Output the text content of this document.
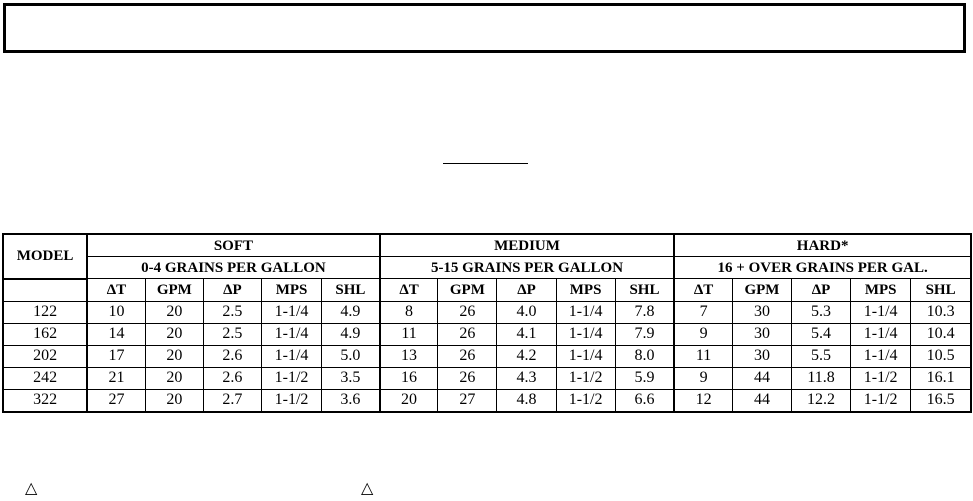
MODEL	SOFT					MEDIUM					HARD*				
	0-4 GRAINS PER GALLON					5-15 GRAINS PER GALLON					16 + OVER GRAINS PER GAL.				
	ΔT	GPM	ΔP	MPS	SHL	ΔT	GPM	ΔP	MPS	SHL	ΔT	GPM	ΔP	MPS	SHL
122	10	20	2.5	1-1/4	4.9	8	26	4.0	1-1/4	7.8	7	30	5.3	1-1/4	10.3
162	14	20	2.5	1-1/4	4.9	11	26	4.1	1-1/4	7.9	9	30	5.4	1-1/4	10.4
202	17	20	2.6	1-1/4	5.0	13	26	4.2	1-1/4	8.0	11	30	5.5	1-1/4	10.5
242	21	20	2.6	1-1/2	3.5	16	26	4.3	1-1/2	5.9	9	44	11.8	1-1/2	16.1
322	27	20	2.7	1-1/2	3.6	20	27	4.8	1-1/2	6.6	12	44	12.2	1-1/2	16.5
△	△
